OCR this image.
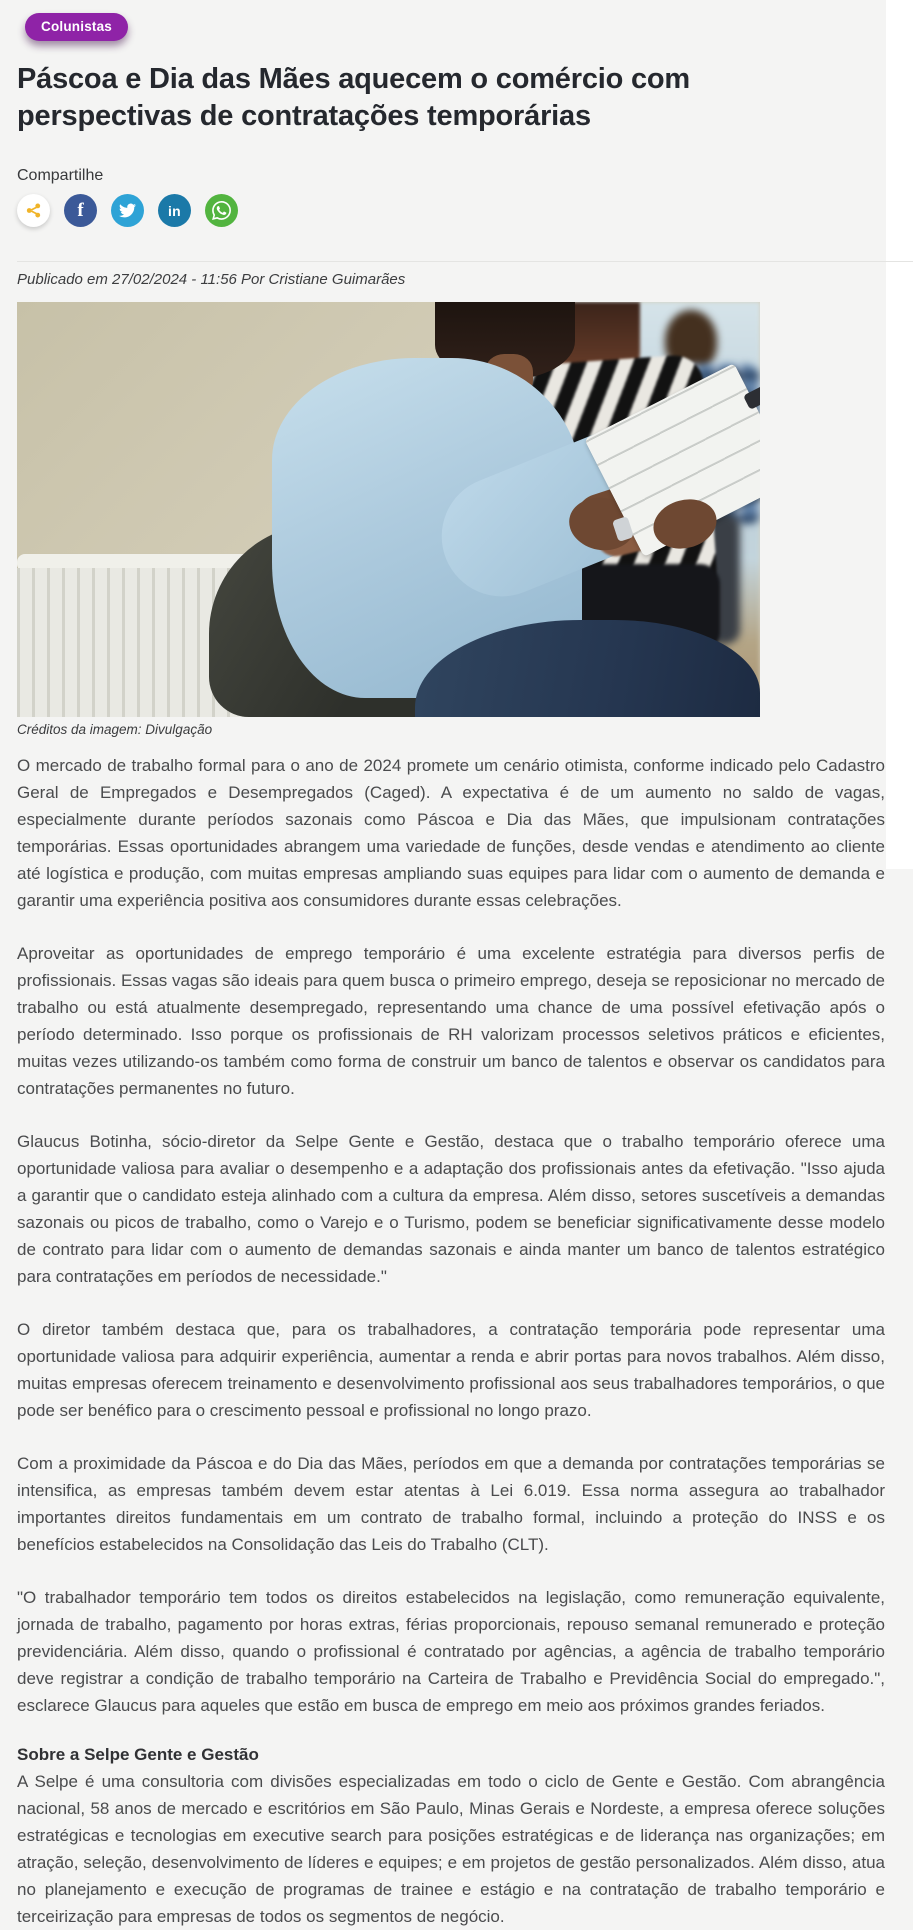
Colunistas
Páscoa e Dia das Mães aquecem o comércio com perspectivas de contratações temporárias
Compartilhe
f	in
Publicado em 27/02/2024 - 11:56 Por Cristiane Guimarães
Créditos da imagem: Divulgação

O mercado de trabalho formal para o ano de 2024 promete um cenário otimista, conforme indicado pelo Cadastro Geral de Empregados e Desempregados (Caged). A expectativa é de um aumento no saldo de vagas, especialmente durante períodos sazonais como Páscoa e Dia das Mães, que impulsionam contratações temporárias. Essas oportunidades abrangem uma variedade de funções, desde vendas e atendimento ao cliente até logística e produção, com muitas empresas ampliando suas equipes para lidar com o aumento de demanda e garantir uma experiência positiva aos consumidores durante essas celebrações.

Aproveitar as oportunidades de emprego temporário é uma excelente estratégia para diversos perfis de profissionais. Essas vagas são ideais para quem busca o primeiro emprego, deseja se reposicionar no mercado de trabalho ou está atualmente desempregado, representando uma chance de uma possível efetivação após o período determinado. Isso porque os profissionais de RH valorizam processos seletivos práticos e eficientes, muitas vezes utilizando-os também como forma de construir um banco de talentos e observar os candidatos para contratações permanentes no futuro.

Glaucus Botinha, sócio-diretor da Selpe Gente e Gestão, destaca que o trabalho temporário oferece uma oportunidade valiosa para avaliar o desempenho e a adaptação dos profissionais antes da efetivação. "Isso ajuda a garantir que o candidato esteja alinhado com a cultura da empresa. Além disso, setores suscetíveis a demandas sazonais ou picos de trabalho, como o Varejo e o Turismo, podem se beneficiar significativamente desse modelo de contrato para lidar com o aumento de demandas sazonais e ainda manter um banco de talentos estratégico para contratações em períodos de necessidade."

O diretor também destaca que, para os trabalhadores, a contratação temporária pode representar uma oportunidade valiosa para adquirir experiência, aumentar a renda e abrir portas para novos trabalhos. Além disso, muitas empresas oferecem treinamento e desenvolvimento profissional aos seus trabalhadores temporários, o que pode ser benéfico para o crescimento pessoal e profissional no longo prazo.

Com a proximidade da Páscoa e do Dia das Mães, períodos em que a demanda por contratações temporárias se intensifica, as empresas também devem estar atentas à Lei 6.019. Essa norma assegura ao trabalhador importantes direitos fundamentais em um contrato de trabalho formal, incluindo a proteção do INSS e os benefícios estabelecidos na Consolidação das Leis do Trabalho (CLT).

"O trabalhador temporário tem todos os direitos estabelecidos na legislação, como remuneração equivalente, jornada de trabalho, pagamento por horas extras, férias proporcionais, repouso semanal remunerado e proteção previdenciária. Além disso, quando o profissional é contratado por agências, a agência de trabalho temporário deve registrar a condição de trabalho temporário na Carteira de Trabalho e Previdência Social do empregado.", esclarece Glaucus para aqueles que estão em busca de emprego em meio aos próximos grandes feriados.

Sobre a Selpe Gente e Gestão

A Selpe é uma consultoria com divisões especializadas em todo o ciclo de Gente e Gestão. Com abrangência nacional, 58 anos de mercado e escritórios em São Paulo, Minas Gerais e Nordeste, a empresa oferece soluções estratégicas e tecnologias em executive search para posições estratégicas e de liderança nas organizações; em atração, seleção, desenvolvimento de líderes e equipes; e em projetos de gestão personalizados. Além disso, atua no planejamento e execução de programas de trainee e estágio e na contratação de trabalho temporário e terceirização para empresas de todos os segmentos de negócio.
